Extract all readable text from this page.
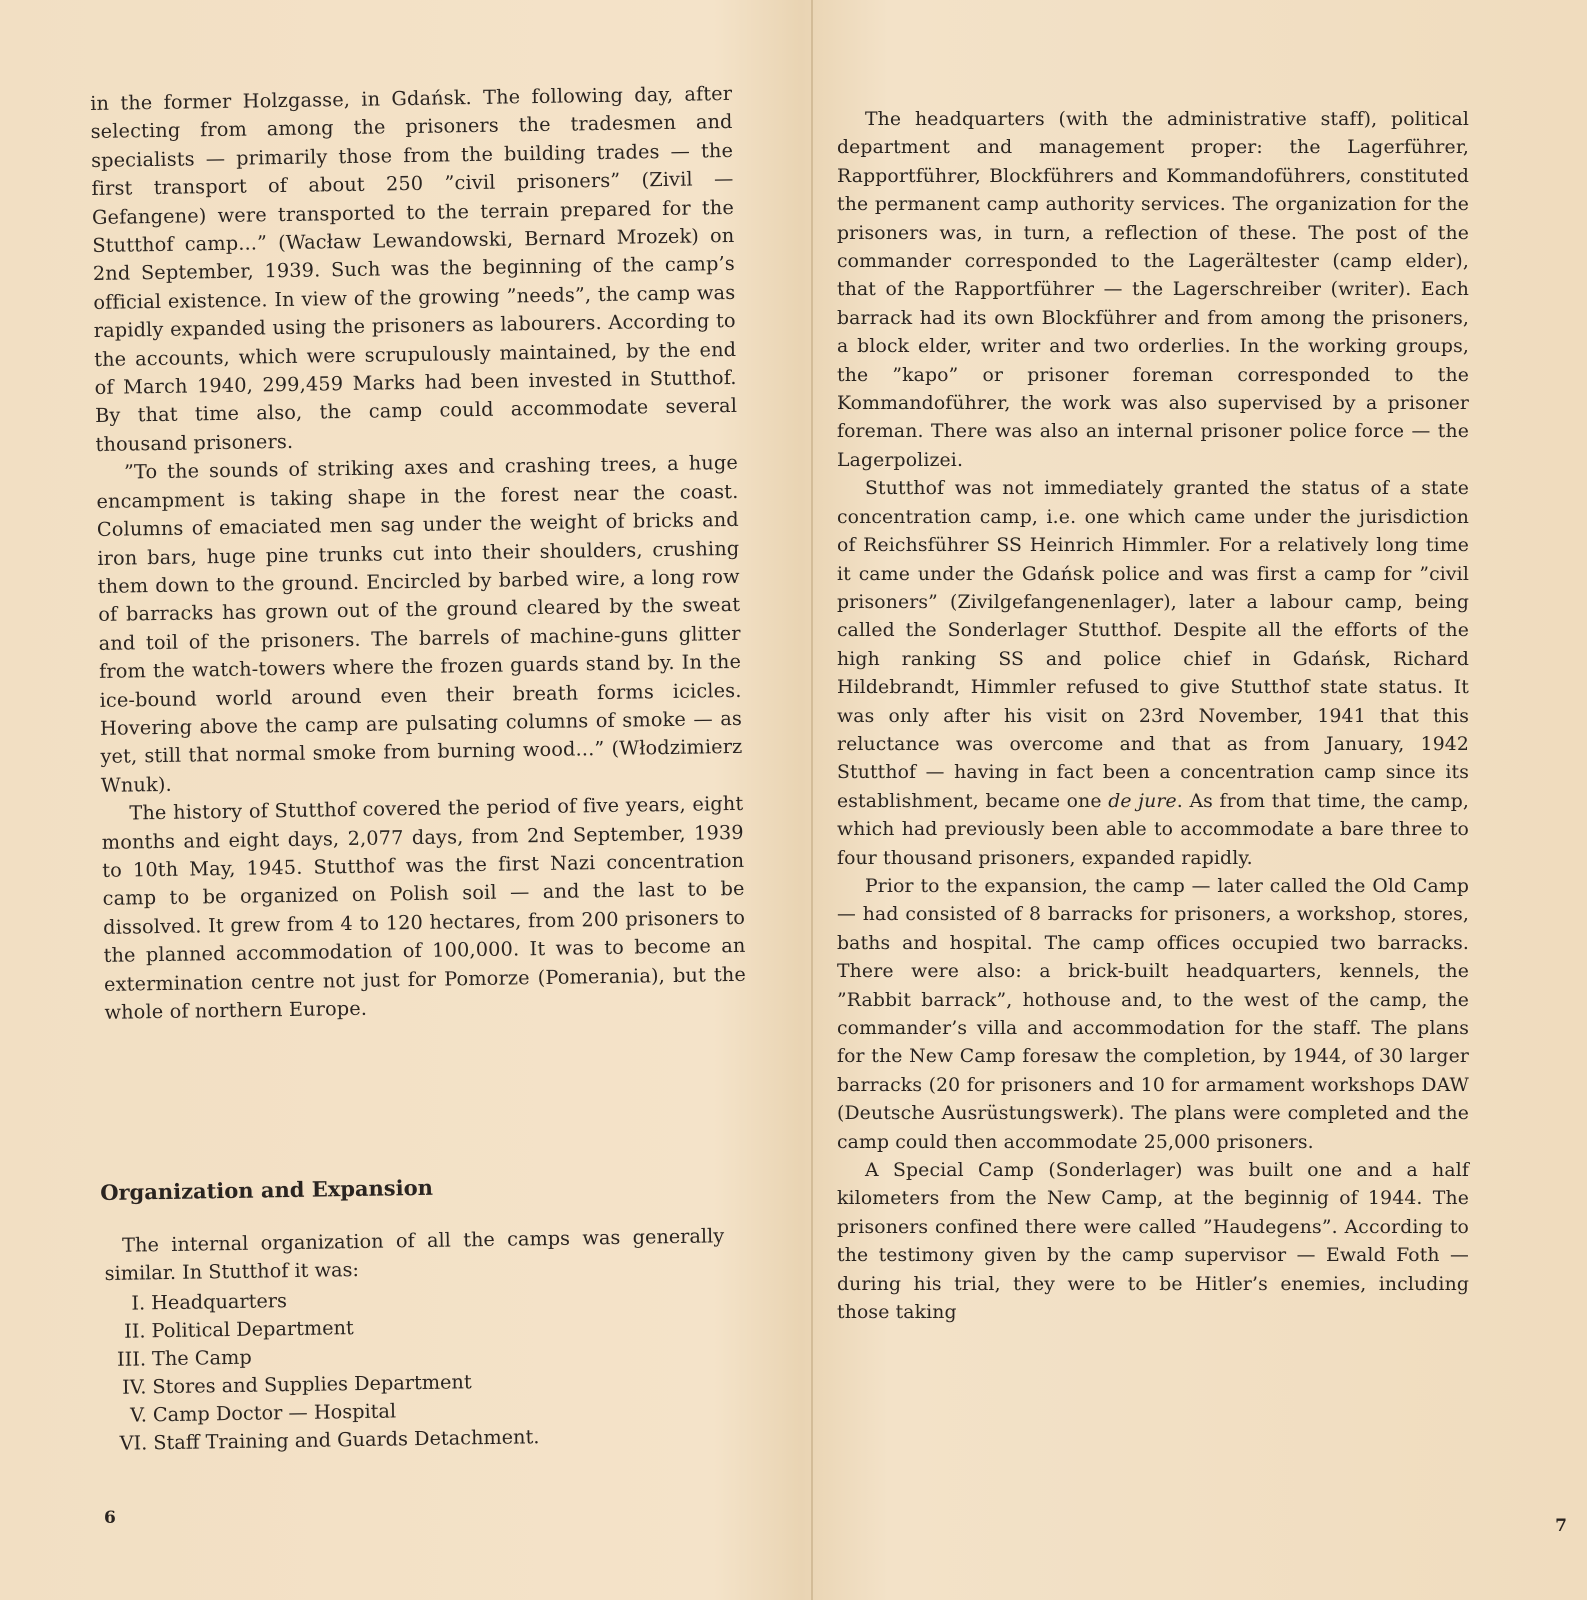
in the former Holzgasse, in Gdańsk. The following day, after selecting from among the prisoners the tradesmen and specialists — primarily those from the building trades — the first transport of about 250 ”civil prisoners” (Zivil — Gefangene) were transported to the terrain prepared for the Stutthof camp...” (Wacław Lewandowski, Bernard Mrozek) on 2nd September, 1939. Such was the beginning of the camp’s official existence. In view of the growing ”needs”, the camp was rapidly expanded using the prisoners as labourers. According to the accounts, which were scrupulously maintained, by the end of March 1940, 299,459 Marks had been invested in Stutthof. By that time also, the camp could accommodate several thousand prisoners.

”To the sounds of striking axes and crashing trees, a huge encampment is taking shape in the forest near the coast. Columns of emaciated men sag under the weight of bricks and iron bars, huge pine trunks cut into their shoulders, crushing them down to the ground. Encircled by barbed wire, a long row of barracks has grown out of the ground cleared by the sweat and toil of the prisoners. The barrels of machine-guns glitter from the watch-towers where the frozen guards stand by. In the ice-bound world around even their breath forms icicles. Hovering above the camp are pulsating columns of smoke — as yet, still that normal smoke from burning wood...” (Włodzimierz Wnuk).

The history of Stutthof covered the period of five years, eight months and eight days, 2,077 days, from 2nd September, 1939 to 10th May, 1945. Stutthof was the first Nazi concentration camp to be organized on Polish soil — and the last to be dissolved. It grew from 4 to 120 hectares, from 200 prisoners to the planned accommodation of 100,000. It was to become an extermination centre not just for Pomorze (Pomerania), but the whole of northern Europe.

Organization and Expansion

The internal organization of all the camps was generally similar. In Stutthof it was:

I. Headquarters
II. Political Department
III. The Camp
IV. Stores and Supplies Department
V. Camp Doctor — Hospital
VI. Staff Training and Guards Detachment.
6

The headquarters (with the administrative staff), political department and management proper: the Lagerführer, Rapportführer, Blockführers and Kommandoführers, constituted the permanent camp authority services. The organization for the prisoners was, in turn, a reflection of these. The post of the commander corresponded to the Lagerältester (camp elder), that of the Rapportführer — the Lagerschreiber (writer). Each barrack had its own Blockführer and from among the prisoners, a block elder, writer and two orderlies. In the working groups, the ”kapo” or prisoner foreman corresponded to the Kommandoführer, the work was also supervised by a prisoner foreman. There was also an internal prisoner police force — the Lagerpolizei.

Stutthof was not immediately granted the status of a state concentration camp, i.e. one which came under the jurisdiction of Reichsführer SS Heinrich Himmler. For a relatively long time it came under the Gdańsk police and was first a camp for ”civil prisoners” (Zivilgefangenenlager), later a labour camp, being called the Sonderlager Stutthof. Despite all the efforts of the high ranking SS and police chief in Gdańsk, Richard Hildebrandt, Himmler refused to give Stutthof state status. It was only after his visit on 23rd November, 1941 that this reluctance was overcome and that as from January, 1942 Stutthof — having in fact been a concentration camp since its establishment, became one de jure. As from that time, the camp, which had previously been able to accommodate a bare three to four thousand prisoners, expanded rapidly.

Prior to the expansion, the camp — later called the Old Camp — had consisted of 8 barracks for prisoners, a workshop, stores, baths and hospital. The camp offices occupied two barracks. There were also: a brick-built headquarters, kennels, the ”Rabbit barrack”, hothouse and, to the west of the camp, the commander’s villa and accommodation for the staff. The plans for the New Camp foresaw the completion, by 1944, of 30 larger barracks (20 for prisoners and 10 for armament workshops DAW (Deutsche Ausrüstungswerk). The plans were completed and the camp could then accommodate 25,000 prisoners.

A Special Camp (Sonderlager) was built one and a half kilometers from the New Camp, at the beginnig of 1944. The prisoners confined there were called ”Haudegens”. According to the testimony given by the camp supervisor — Ewald Foth — during his trial, they were to be Hitler’s enemies, including those taking

7
